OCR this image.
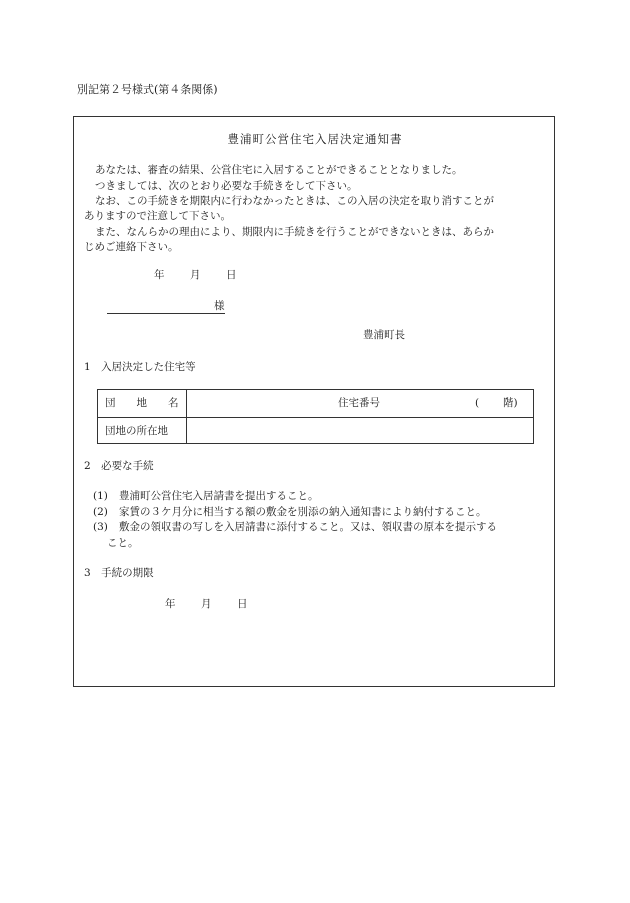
別記第２号様式(第４条関係)
豊浦町公営住宅入居決定通知書
あなたは、審査の結果、公営住宅に入居することができることとなりました。
つきましては、次のとおり必要な手続きをして下さい。
なお、この手続きを期限内に行わなかったときは、この入居の決定を取り消すことが
ありますので注意して下さい。
また、なんらかの理由により、期限内に手続きを行うことができないときは、あらか
じめご連絡下さい。
年 月 日
様
豊浦町長
1　入居決定した住宅等
団　　地　　名	住宅番号	( 階)
団地の所在地
2　必要な手続
(1) 豊浦町公営住宅入居請書を提出すること。
(2) 家賃の３ケ月分に相当する額の敷金を別添の納入通知書により納付すること。
(3) 敷金の領収書の写しを入居請書に添付すること。又は、領収書の原本を提示する
こと。
3　手続の期限
年 月 日
